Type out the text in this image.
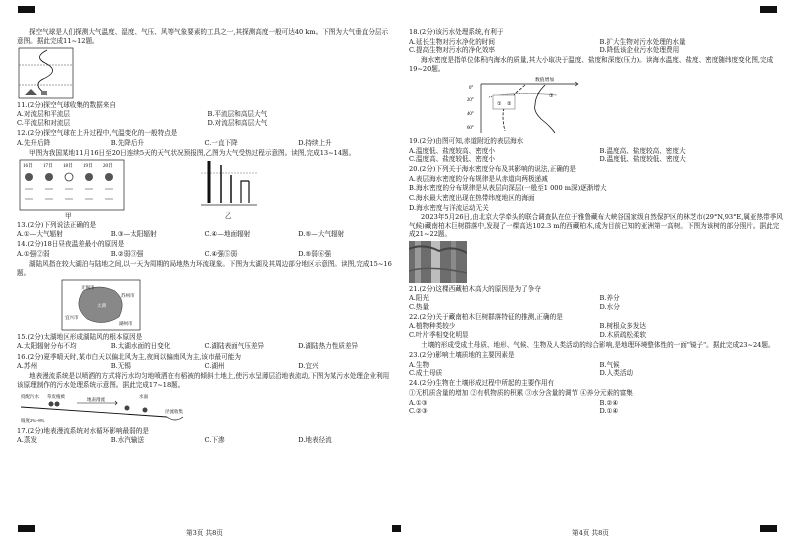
探空气球是人们探测大气温度、湿度、气压、风等气象要素的工具之一,其探测高度一般可达40 km。下图为大气垂直分层示意图。据此完成11~12题。
11.(2分)探空气球收集的数据来自
A.对流层和平流层	B.平流层和高层大气
C.平流层和对流层	D.对流层和高层大气
12.(2分)探空气球在上升过程中,气温变化的一般特点是
A.先升后降	B.先降后升	C.一直下降	D.持续上升
甲图为我国某地11月16日至20日连续5天的天气状况预报图,乙图为大气受热过程示意图。读图,完成13~14题。
16日 17日 18日 19日 20日
甲	乙
13.(2分)下列说法正确的是
A.①—大气辐射	B.③—太阳辐射	C.④—地面辐射	D.⑤—大气辐射
14.(2分)18日昼夜温差最小的原因是
A.①强②弱	B.②弱③强	C.④强⑤弱	D.⑤弱⑥强
湖陆风指在较大湖泊与陆地之间,以一天为周期的局地热力环流现象。下图为太湖及其周边部分地区示意图。读图,完成15~16题。
无锡市
苏州市
湖州市
宜兴市
太湖
15.(2分)太湖地区形成湖陆风的根本原因是
A.太阳辐射分布不均	B.太湖水面的日变化	C.湖陆表面气压差异	D.湖陆热力性质差异
16.(2分)夏季晴天时,某市白天以偏北风为主,夜间以偏南风为主,该市最可能为
A.苏州	B.无锡	C.湖州	D.宜兴
地表漫流系统是以喷洒的方式将污水均匀地喷洒在有稻被的倾斜土地上,使污水呈薄层沿地表流动,下图为某污水处理企业利用该原理制作的污水处理系统示意图。据此完成17~18题。
投配污水 草皮植被
地表漫流
水面
径流收集
坡度2%~8%
17.(2分)地表漫流系统对水循环影响最弱的是
A.蒸发	B.水汽输送	C.下渗	D.地表径流
第3页 共8页
18.(2分)该污水处理系统,有利于
A.延长生物对污水净化的时间	B.扩大生物对污水处理的水量
C.提高生物对污水的净化效率	D.降低该企业污水处理费用
海水密度是指单位体积内海水的质量,其大小取决于温度、盐度和深度(压力)。读海水温度、盐度、密度随纬度变化图,完成19~20题。
数值增加
0°
20°
40°
60°
① ②
③
19.(2分)由图可知,赤道附近的表层海水
A.温度低、盐度较高、密度小	B.温度高、盐度较高、密度大
C.温度高、盐度较低、密度小	D.温度低、盐度较低、密度大
20.(2分)下列关于海水密度分布及其影响的说法,正确的是
A.表层海水密度的分布规律是从赤道向两极递减
B.海水密度的分布规律是从表层向深层(一般至1 000 m深)逐渐增大
C.海水最大密度出现在热带纬度地区的海面
D.海水密度与洋流运动无关
2023年5月26日,由北京大学牵头的联合调查队在位于雅鲁藏布大峡谷国家级自然保护区的林芝市(29°N,93°E,属亚热带季风气候)藏南柏木巨树群落中,发现了一棵高达102.3 m的西藏柏木,成为目前已知的亚洲第一高树。下图为该树的部分照片。据此完成21~22题。
21.(2分)这棵西藏柏木高大的原因是为了争夺
A.阳光	B.养分
C.热量	D.水分
22.(2分)关于藏南柏木巨树群落特征的推测,正确的是
A.植物种类较少	B.树根众多发达
C.叶片季相变化明显	D.木质疏松柔软
土壤的形成受成土母质、地形、气候、生物及人类活动的综合影响,是地理环境整体性的一面"镜子"。据此完成23~24题。
23.(2分)影响土壤质地的主要因素是
A.生物	B.气候
C.成土母质	D.人类活动
24.(2分)生物在土壤形成过程中所起的主要作用有
①无机质含量的增加 ②有机物质的积累 ③水分含量的调节 ④养分元素的富集
A.①③	B.②④
C.②③	D.①④
第4页 共8页
